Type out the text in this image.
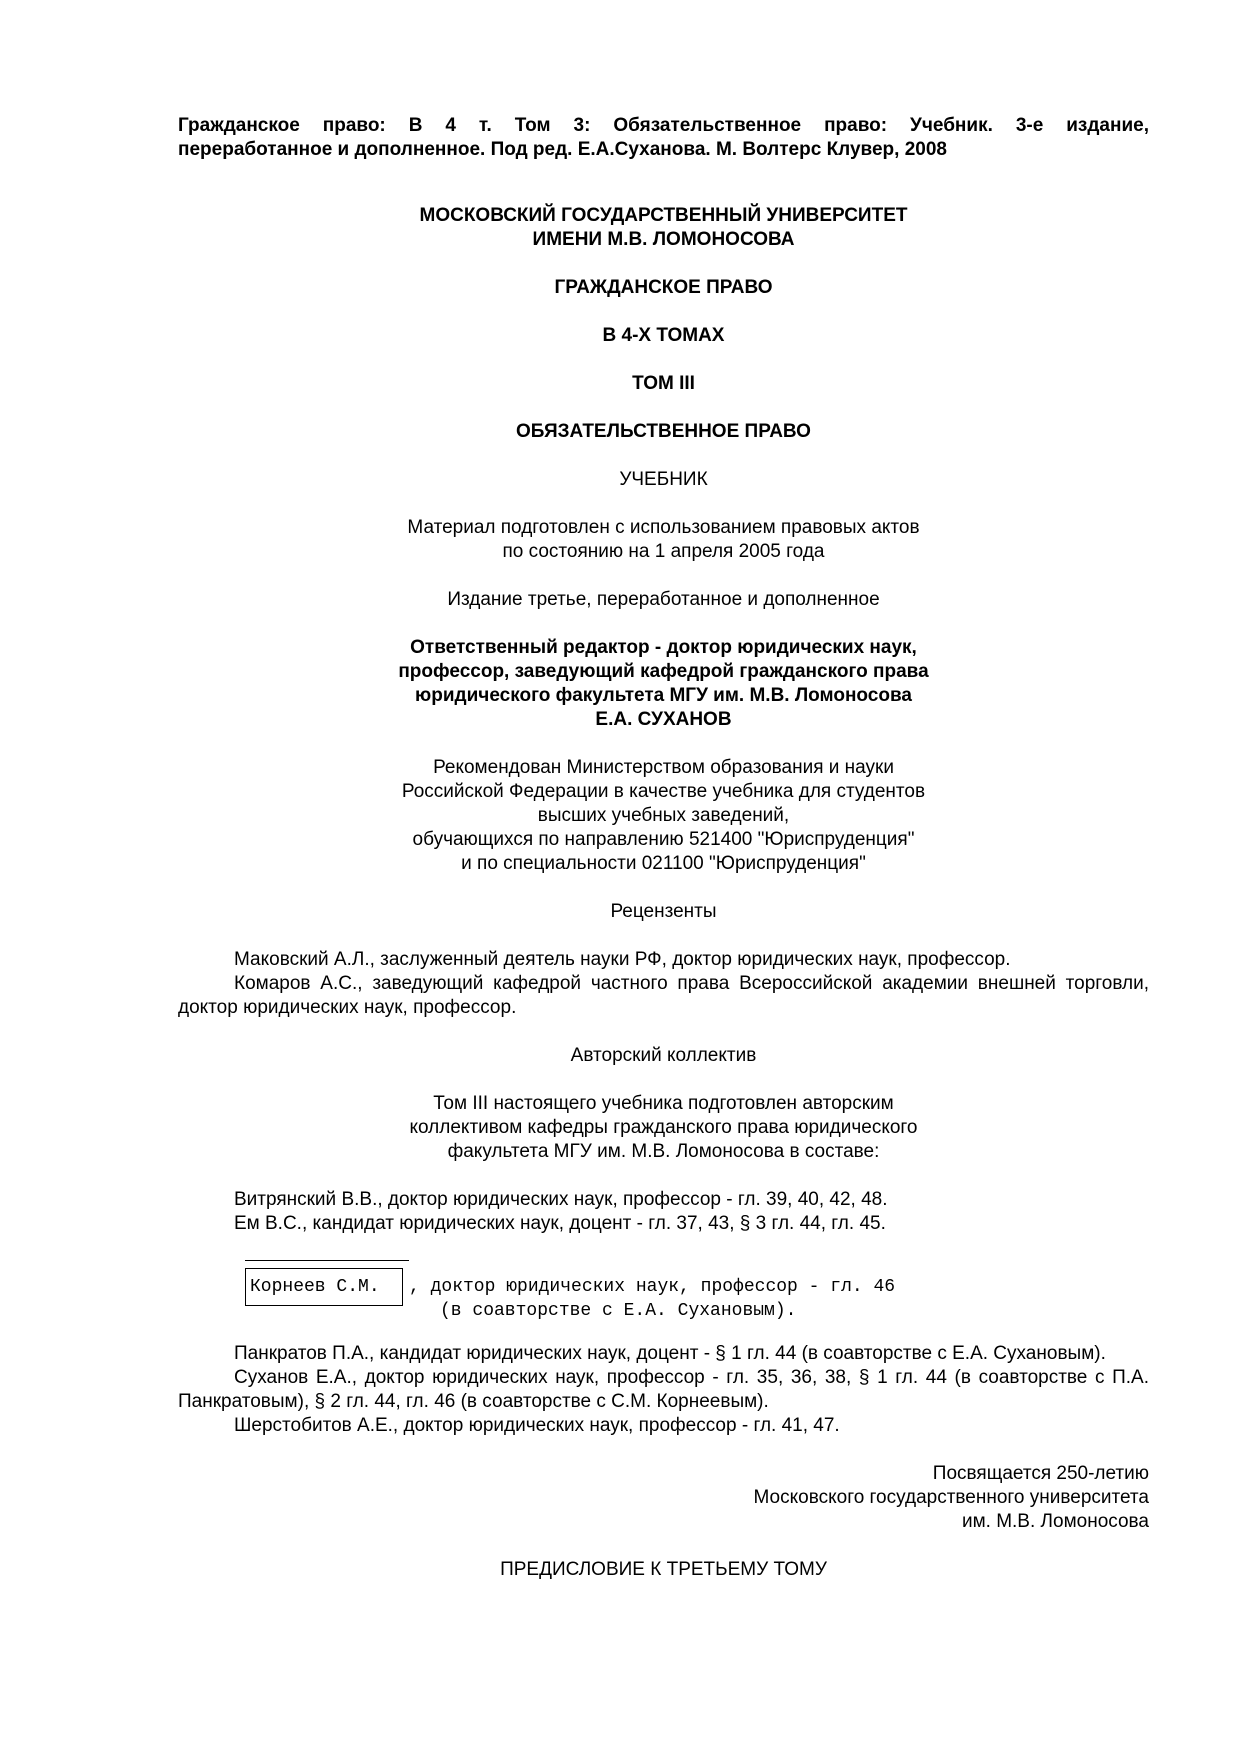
Гражданское право: В 4 т. Том 3: Обязательственное право: Учебник. 3-е издание,
переработанное и дополненное. Под ред. Е.А.Суханова. М. Волтерс Клувер, 2008
МОСКОВСКИЙ ГОСУДАРСТВЕННЫЙ УНИВЕРСИТЕТ
ИМЕНИ М.В. ЛОМОНОСОВА
ГРАЖДАНСКОЕ ПРАВО
В 4-Х ТОМАХ
ТОМ III
ОБЯЗАТЕЛЬСТВЕННОЕ ПРАВО
УЧЕБНИК
Материал подготовлен с использованием правовых актов
по состоянию на 1 апреля 2005 года
Издание третье, переработанное и дополненное
Ответственный редактор - доктор юридических наук,
профессор, заведующий кафедрой гражданского права
юридического факультета МГУ им. М.В. Ломоносова
Е.А. СУХАНОВ
Рекомендован Министерством образования и науки
Российской Федерации в качестве учебника для студентов
высших учебных заведений,
обучающихся по направлению 521400 "Юриспруденция"
и по специальности 021100 "Юриспруденция"
Рецензенты
Маковский А.Л., заслуженный деятель науки РФ, доктор юридических наук, профессор.
Комаров А.С., заведующий кафедрой частного права Всероссийской академии внешней торговли, доктор юридических наук, профессор.
Авторский коллектив
Том III настоящего учебника подготовлен авторским
коллективом кафедры гражданского права юридического
факультета МГУ им. М.В. Ломоносова в составе:
Витрянский В.В., доктор юридических наук, профессор - гл. 39, 40, 42, 48.
Ем В.С., кандидат юридических наук, доцент - гл. 37, 43, § 3 гл. 44, гл. 45.
Корнеев С.М. , доктор юридических наук, профессор - гл. 46
(в соавторстве с Е.А. Сухановым).
Панкратов П.А., кандидат юридических наук, доцент - § 1 гл. 44 (в соавторстве с Е.А. Сухановым).
Суханов Е.А., доктор юридических наук, профессор - гл. 35, 36, 38, § 1 гл. 44 (в соавторстве с П.А. Панкратовым), § 2 гл. 44, гл. 46 (в соавторстве с С.М. Корнеевым).
Шерстобитов А.Е., доктор юридических наук, профессор - гл. 41, 47.
Посвящается 250-летию
Московского государственного университета
им. М.В. Ломоносова
ПРЕДИСЛОВИЕ К ТРЕТЬЕМУ ТОМУ
